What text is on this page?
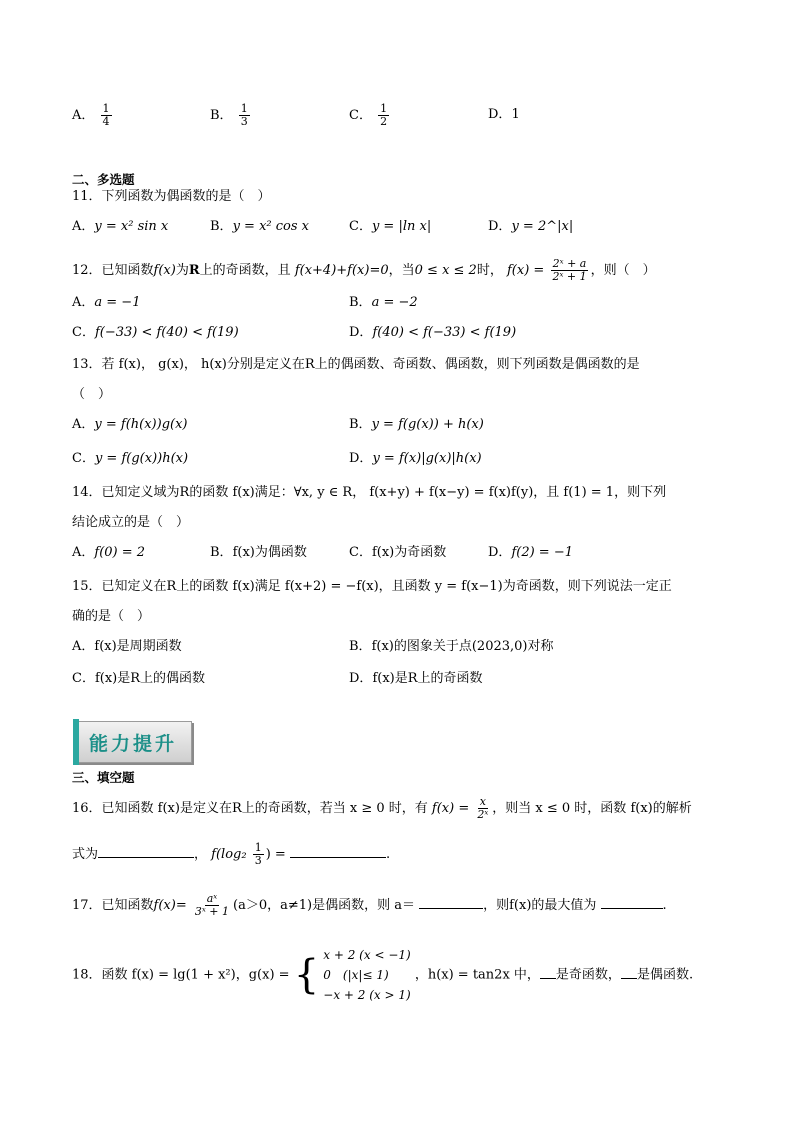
A． $\frac{1}{4}$	B． $\frac{1}{3}$	C． $\frac{1}{2}$	D．1
二、多选题
11．下列函数为偶函数的是（　）
A．y = x² sin x	B．y = x² cos x	C．y = |ln x|	D．y = 2^|x|
12．已知函数f(x)为R上的奇函数，且 f(x+4)+f(x)=0，当0 ≤ x ≤ 2时， $f(x) = \frac{\text{2ˣ + a}}{\text{2ˣ + 1}}$ ，则（　）
A．a = −1	B．a = −2
C．f(−33) < f(40) < f(19)	D．f(40) < f(−33) < f(19)
13．若 f(x)， g(x)， h(x)分别是定义在R上的偶函数、奇函数、偶函数，则下列函数是偶函数的是
（　）
A．y = f(h(x))g(x)	B．y = f(g(x)) + h(x)
C．y = f(g(x))h(x)	D．y = f(x)|g(x)|h(x)
14．已知定义域为R的函数 f(x)满足：∀x, y ∈ R， f(x+y) + f(x−y) = f(x)f(y)，且 f(1) = 1，则下列
结论成立的是（　）
A．f(0) = 2	B．f(x)为偶函数	C．f(x)为奇函数	D．f(2) = −1
15．已知定义在R上的函数 f(x)满足 f(x+2) = −f(x)，且函数 y = f(x−1)为奇函数，则下列说法一定正
确的是（　）
A．f(x)是周期函数	B．f(x)的图象关于点(2023,0)对称
C．f(x)是R上的偶函数	D．f(x)是R上的奇函数
能力提升
三、填空题
16．已知函数 f(x)是定义在R上的奇函数，若当 x ≥ 0 时，有 $f(x) = \frac{x}{\text{2ˣ}}$ ，则当 x ≤ 0 时，函数 f(x)的解析
式为	， $f(\log_2 \frac{1}{3}$ ) =	.
17．已知函数$f(x)= \frac{\text{aˣ}}{\text{3ˣ + 1}} (a>0$，a≠1)是偶函数，则 a＝	，则f(x)的最大值为	.
18．函数 f(x) = lg(1 + x²)，g(x) = { x + 2 (x < −1)
0　(|x|≤ 1)
−x + 2 (x > 1)
，h(x) = tan2x 中， 是奇函数， 是偶函数.
